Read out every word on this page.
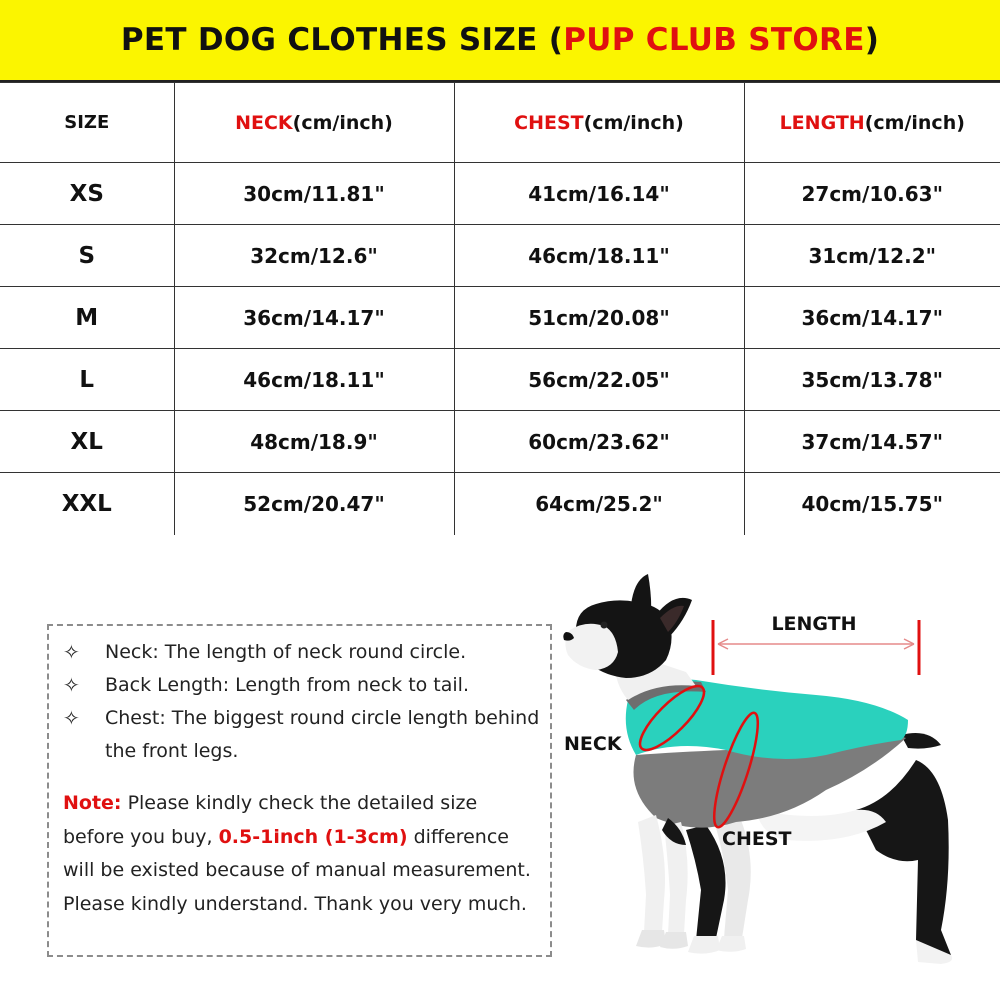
PET DOG CLOTHES SIZE ( PUP CLUB STORE )
SIZE	NECK(cm/inch)	CHEST(cm/inch)	LENGTH(cm/inch)
XS	30cm/11.81"	41cm/16.14"	27cm/10.63"
S	32cm/12.6"	46cm/18.11"	31cm/12.2"
M	36cm/14.17"	51cm/20.08"	36cm/14.17"
L	46cm/18.11"	56cm/22.05"	35cm/13.78"
XL	48cm/18.9"	60cm/23.62"	37cm/14.57"
XXL	52cm/20.47"	64cm/25.2"	40cm/15.75"
✧	Neck: The length of neck round circle.
✧	Back Length: Length from neck to tail.
✧	Chest: The biggest round circle length behind
the front legs.

Note: Please kindly check the detailed size before you buy, 0.5-1inch (1-3cm) difference will be existed because of manual measurement. Please kindly understand. Thank you very much.

LENGTH
NECK
CHEST
